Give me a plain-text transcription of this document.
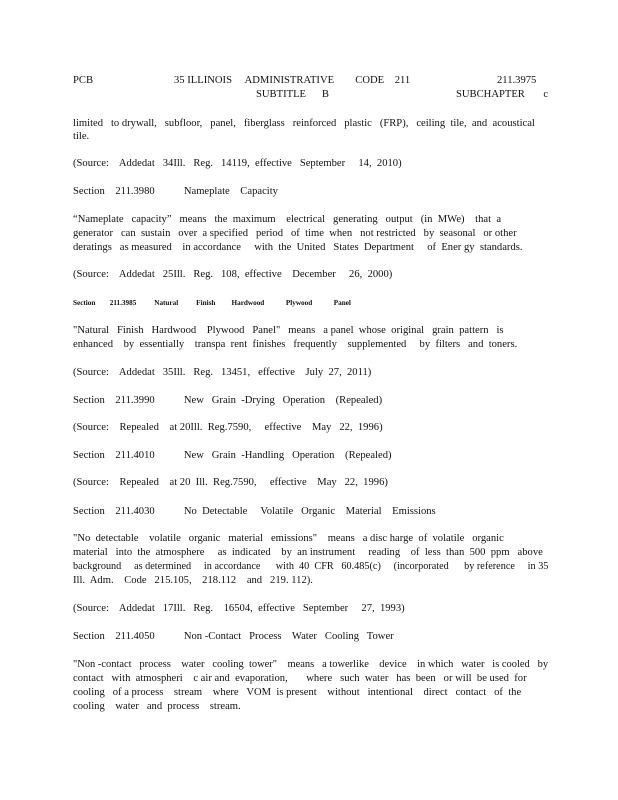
PCB	35 ILLINOIS     ADMINISTRATIVE        CODE    211	211.3975
SUBTITLE      B	SUBCHAPTER       c
limited   to drywall,   subfloor,   panel,   fiberglass   reinforced   plastic   (FRP),   ceiling  tile,  and  acoustical
tile.
(Source:    Addedat   34Ill.   Reg.   14119,  effective   September     14,  2010)
Section    211.3980           Nameplate    Capacity
“Nameplate   capacity”   means   the  maximum    electrical   generating   output   (in  MWe)    that  a
generator   can  sustain   over  a specified   period   of  time  when   not restricted   by  seasonal   or other
deratings   as measured    in accordance     with  the  United   States  Department     of  Ener gy  standards.
(Source:    Addedat   25Ill.   Reg.   108,  effective    December     26,  2000)
Section        211.3985          Natural          Finish         Hardwood            Plywood            Panel
"Natural   Finish   Hardwood    Plywood   Panel"   means   a panel  whose  original   grain  pattern   is
enhanced    by  essentially    transpa  rent  finishes   frequently    supplemented     by  filters   and  toners.
(Source:    Addedat   35Ill.   Reg.   13451,   effective    July  27,  2011)
Section    211.3990           New   Grain  -Drying   Operation    (Repealed)
(Source:    Repealed    at 20Ill.  Reg.7590,     effective    May   22,  1996)
Section    211.4010           New   Grain  -Handling   Operation    (Repealed)
(Source:    Repealed    at 20  Ill.  Reg.7590,     effective    May   22,  1996)
Section    211.4030           No  Detectable     Volatile   Organic    Material    Emissions
"No  detectable    volatile   organic   material   emissions"    means   a disc harge  of  volatile   organic
material   into  the  atmosphere     as  indicated    by  an instrument     reading    of  less  than  500  ppm   above
background     as determined     in accordance      with  40  CFR   60.485(c)     (incorporated      by reference     in 35
Ill.  Adm.    Code   215.105,    218.112    and   219. 112).
(Source:    Addedat   17Ill.   Reg.    16504,  effective   September     27,  1993)
Section    211.4050           Non -Contact   Process    Water   Cooling   Tower
"Non -contact   process    water   cooling  tower"    means   a towerlike    device    in which   water   is cooled   by
contact   with  atmospheri    c air and  evaporation,       where   such  water   has  been   or will  be used  for
cooling   of a process    stream    where   VOM  is present    without   intentional    direct   contact   of  the
cooling    water   and  process    stream.
